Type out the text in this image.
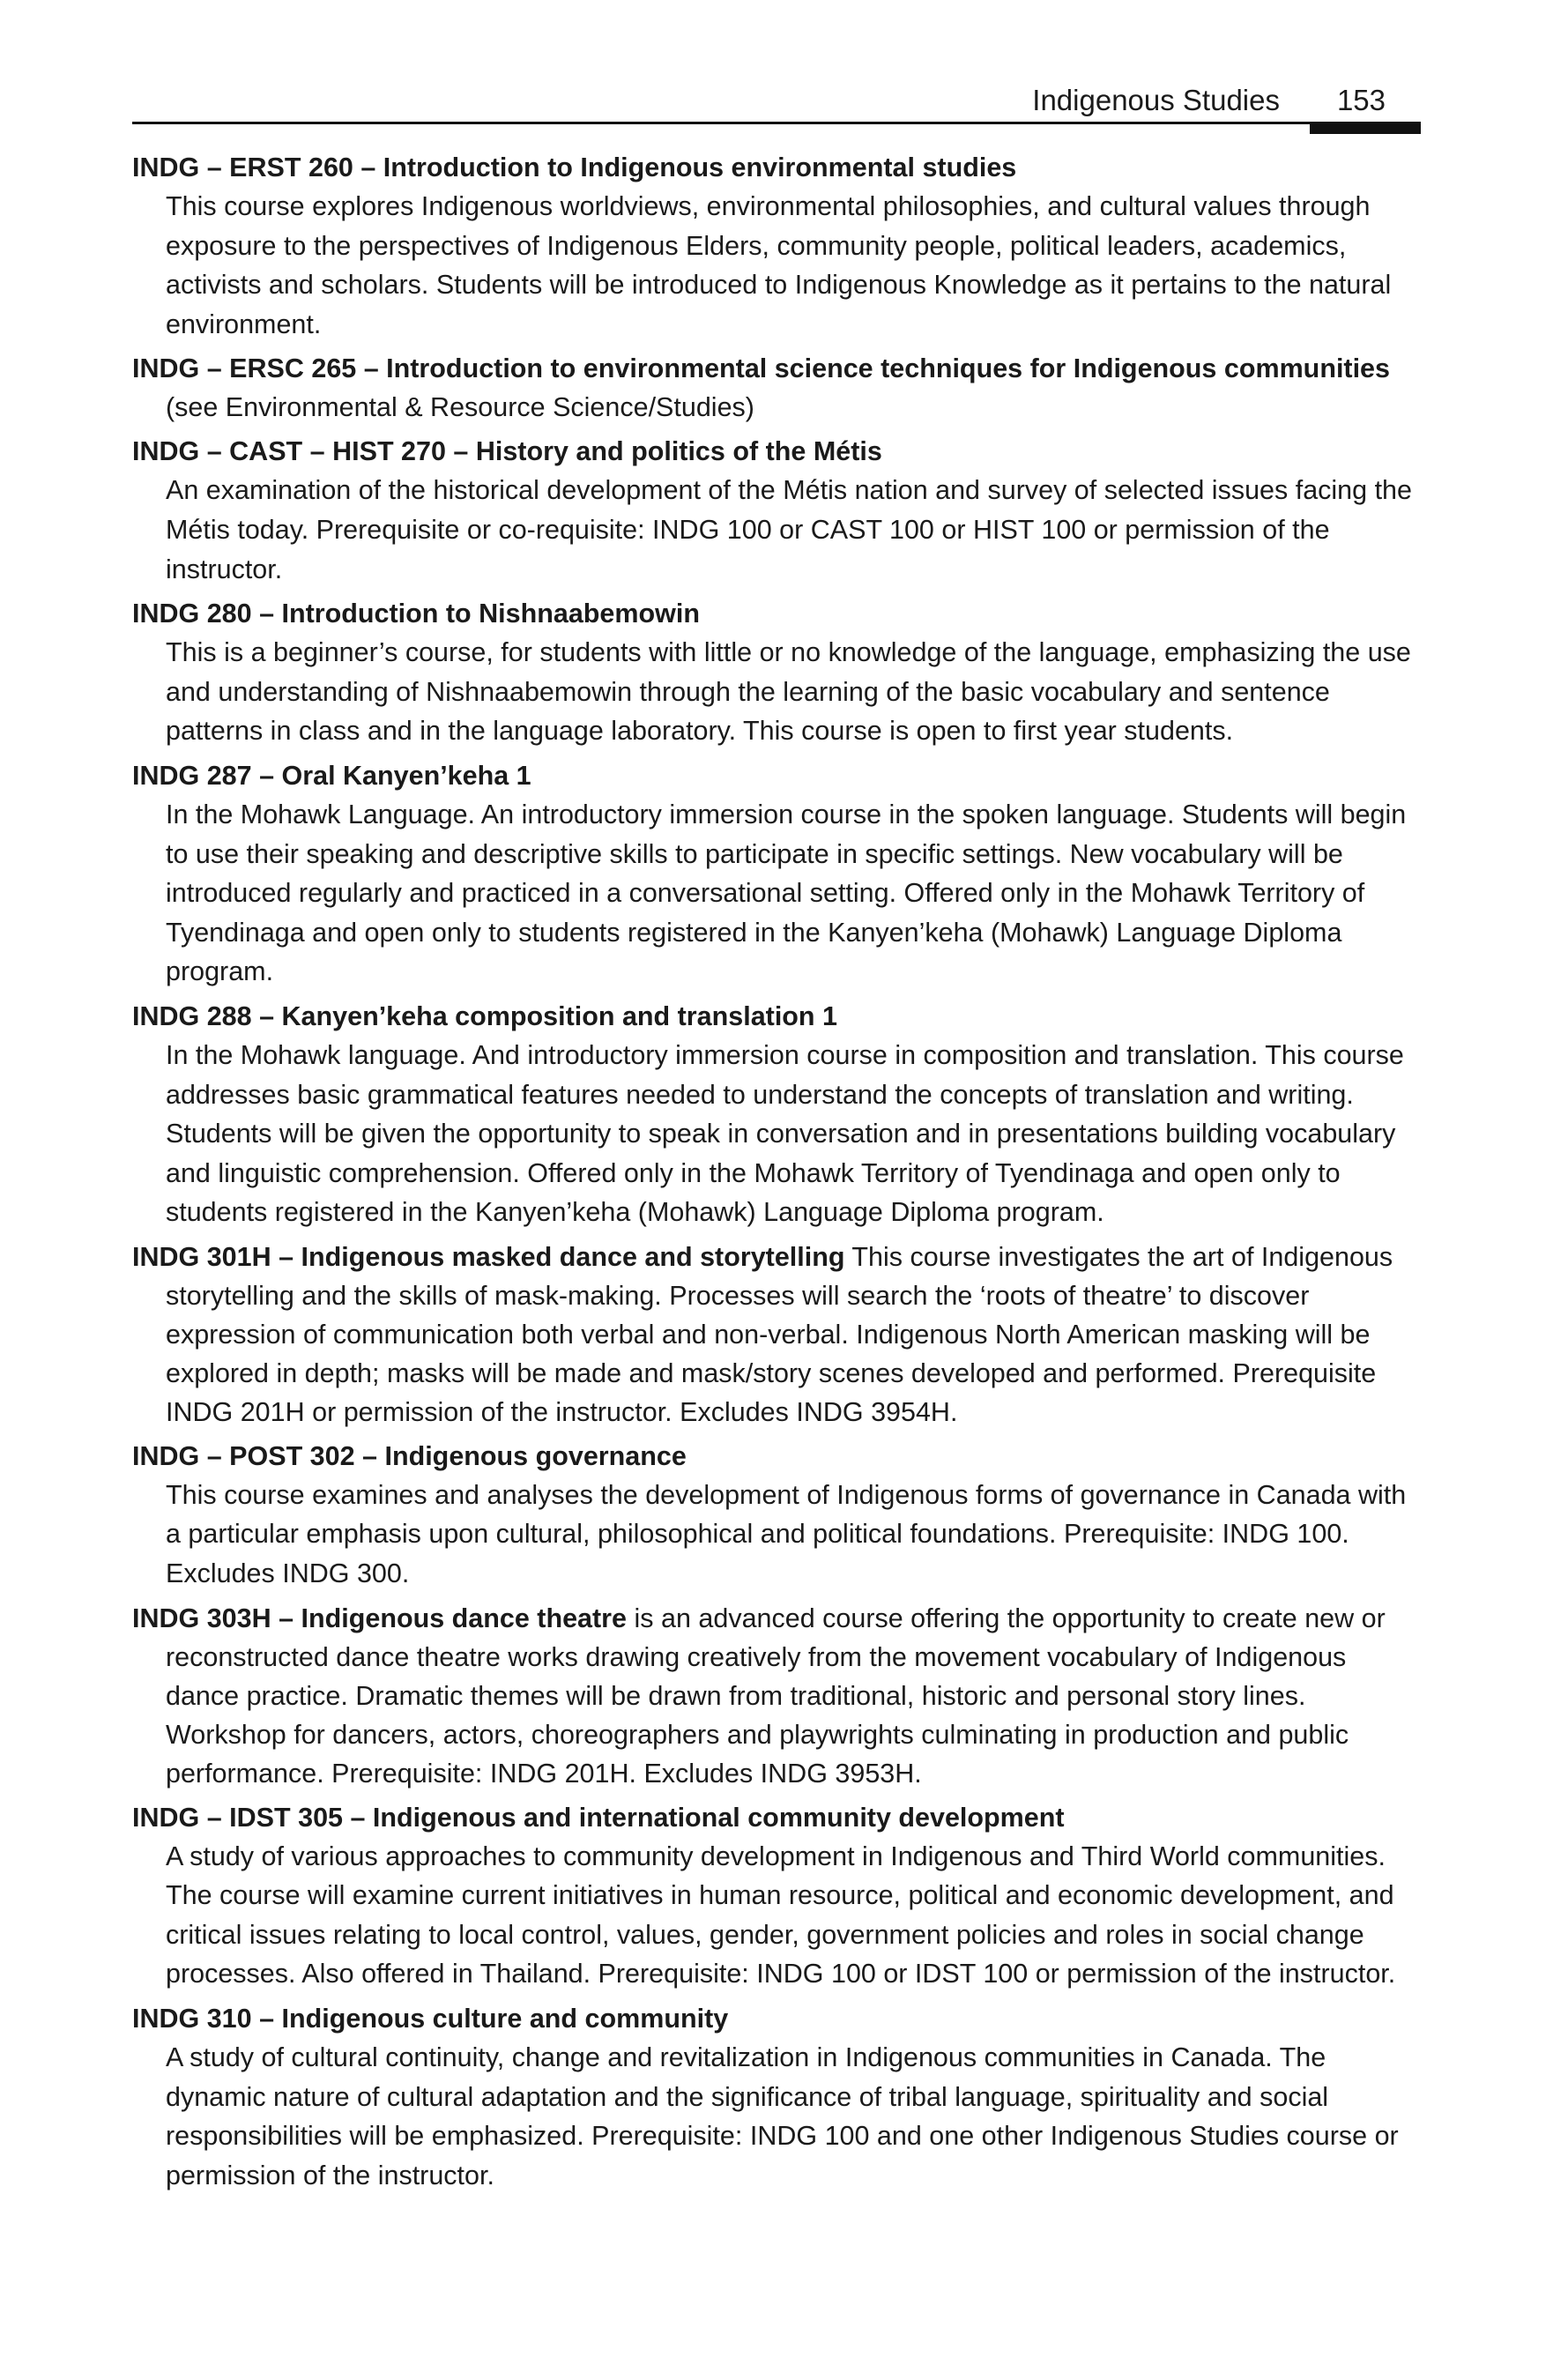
Indigenous Studies 153
INDG – ERST 260 – Introduction to Indigenous environmental studies
This course explores Indigenous worldviews, environmental philosophies, and cultural values through exposure to the perspectives of Indigenous Elders, community people, political leaders, academics, activists and scholars. Students will be introduced to Indigenous Knowledge as it pertains to the natural environment.
INDG – ERSC 265 – Introduction to environmental science techniques for Indigenous communities (see Environmental & Resource Science/Studies)
INDG – CAST – HIST 270 – History and politics of the Métis
An examination of the historical development of the Métis nation and survey of selected issues facing the Métis today. Prerequisite or co-requisite: INDG 100 or CAST 100 or HIST 100 or permission of the instructor.
INDG 280 – Introduction to Nishnaabemowin
This is a beginner’s course, for students with little or no knowledge of the language, emphasizing the use and understanding of Nishnaabemowin through the learning of the basic vocabulary and sentence patterns in class and in the language laboratory. This course is open to first year students.
INDG 287 – Oral Kanyen’keha 1
In the Mohawk Language. An introductory immersion course in the spoken language. Students will begin to use their speaking and descriptive skills to participate in specific settings. New vocabulary will be introduced regularly and practiced in a conversational setting. Offered only in the Mohawk Territory of Tyendinaga and open only to students registered in the Kanyen’keha (Mohawk) Language Diploma program.
INDG 288 – Kanyen’keha composition and translation 1
In the Mohawk language. And introductory immersion course in composition and translation. This course addresses basic grammatical features needed to understand the concepts of translation and writing. Students will be given the opportunity to speak in conversation and in presentations building vocabulary and linguistic comprehension. Offered only in the Mohawk Territory of Tyendinaga and open only to students registered in the Kanyen’keha (Mohawk) Language Diploma program.
INDG 301H – Indigenous masked dance and storytelling This course investigates the art of Indigenous storytelling and the skills of mask-making. Processes will search the ‘roots of theatre’ to discover expression of communication both verbal and non-verbal. Indigenous North American masking will be explored in depth; masks will be made and mask/story scenes developed and performed. Prerequisite INDG 201H or permission of the instructor. Excludes INDG 3954H.
INDG – POST 302 – Indigenous governance
This course examines and analyses the development of Indigenous forms of governance in Canada with a particular emphasis upon cultural, philosophical and political foundations. Prerequisite: INDG 100. Excludes INDG 300.
INDG 303H – Indigenous dance theatre is an advanced course offering the opportunity to create new or reconstructed dance theatre works drawing creatively from the movement vocabulary of Indigenous dance practice. Dramatic themes will be drawn from traditional, historic and personal story lines. Workshop for dancers, actors, choreographers and playwrights culminating in production and public performance. Prerequisite: INDG 201H. Excludes INDG 3953H.
INDG – IDST 305 – Indigenous and international community development
A study of various approaches to community development in Indigenous and Third World communities. The course will examine current initiatives in human resource, political and economic development, and critical issues relating to local control, values, gender, government policies and roles in social change processes. Also offered in Thailand. Prerequisite: INDG 100 or IDST 100 or permission of the instructor.
INDG 310 – Indigenous culture and community
A study of cultural continuity, change and revitalization in Indigenous communities in Canada. The dynamic nature of cultural adaptation and the significance of tribal language, spirituality and social responsibilities will be emphasized. Prerequisite: INDG 100 and one other Indigenous Studies course or permission of the instructor.
